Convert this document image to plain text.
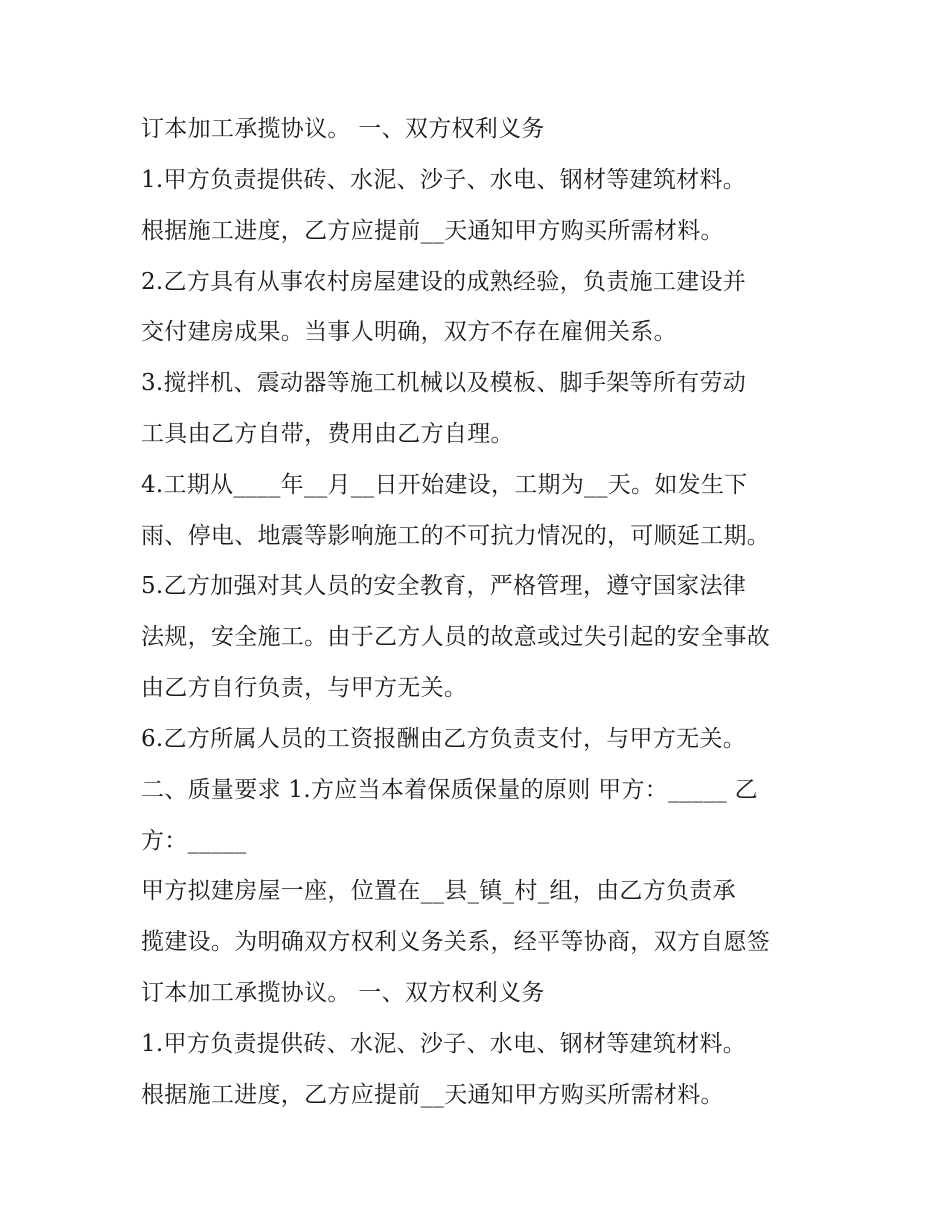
订本加工承揽协议。 一、双方权利义务

1.甲方负责提供砖、水泥、沙子、水电、钢材等建筑材料。

根据施工进度，乙方应提前__天通知甲方购买所需材料。

2.乙方具有从事农村房屋建设的成熟经验，负责施工建设并

交付建房成果。当事人明确，双方不存在雇佣关系。

3.搅拌机、震动器等施工机械以及模板、脚手架等所有劳动

工具由乙方自带，费用由乙方自理。

4.工期从____年__月__日开始建设，工期为__天。如发生下

雨、停电、地震等影响施工的不可抗力情况的，可顺延工期。

5.乙方加强对其人员的安全教育，严格管理，遵守国家法律

法规，安全施工。由于乙方人员的故意或过失引起的安全事故

由乙方自行负责，与甲方无关。

6.乙方所属人员的工资报酬由乙方负责支付，与甲方无关。

二、质量要求 1.方应当本着保质保量的原则 甲方：_____ 乙

方：_____

甲方拟建房屋一座，位置在__县_镇_村_组，由乙方负责承

揽建设。为明确双方权利义务关系，经平等协商，双方自愿签

订本加工承揽协议。 一、双方权利义务

1.甲方负责提供砖、水泥、沙子、水电、钢材等建筑材料。

根据施工进度，乙方应提前__天通知甲方购买所需材料。
